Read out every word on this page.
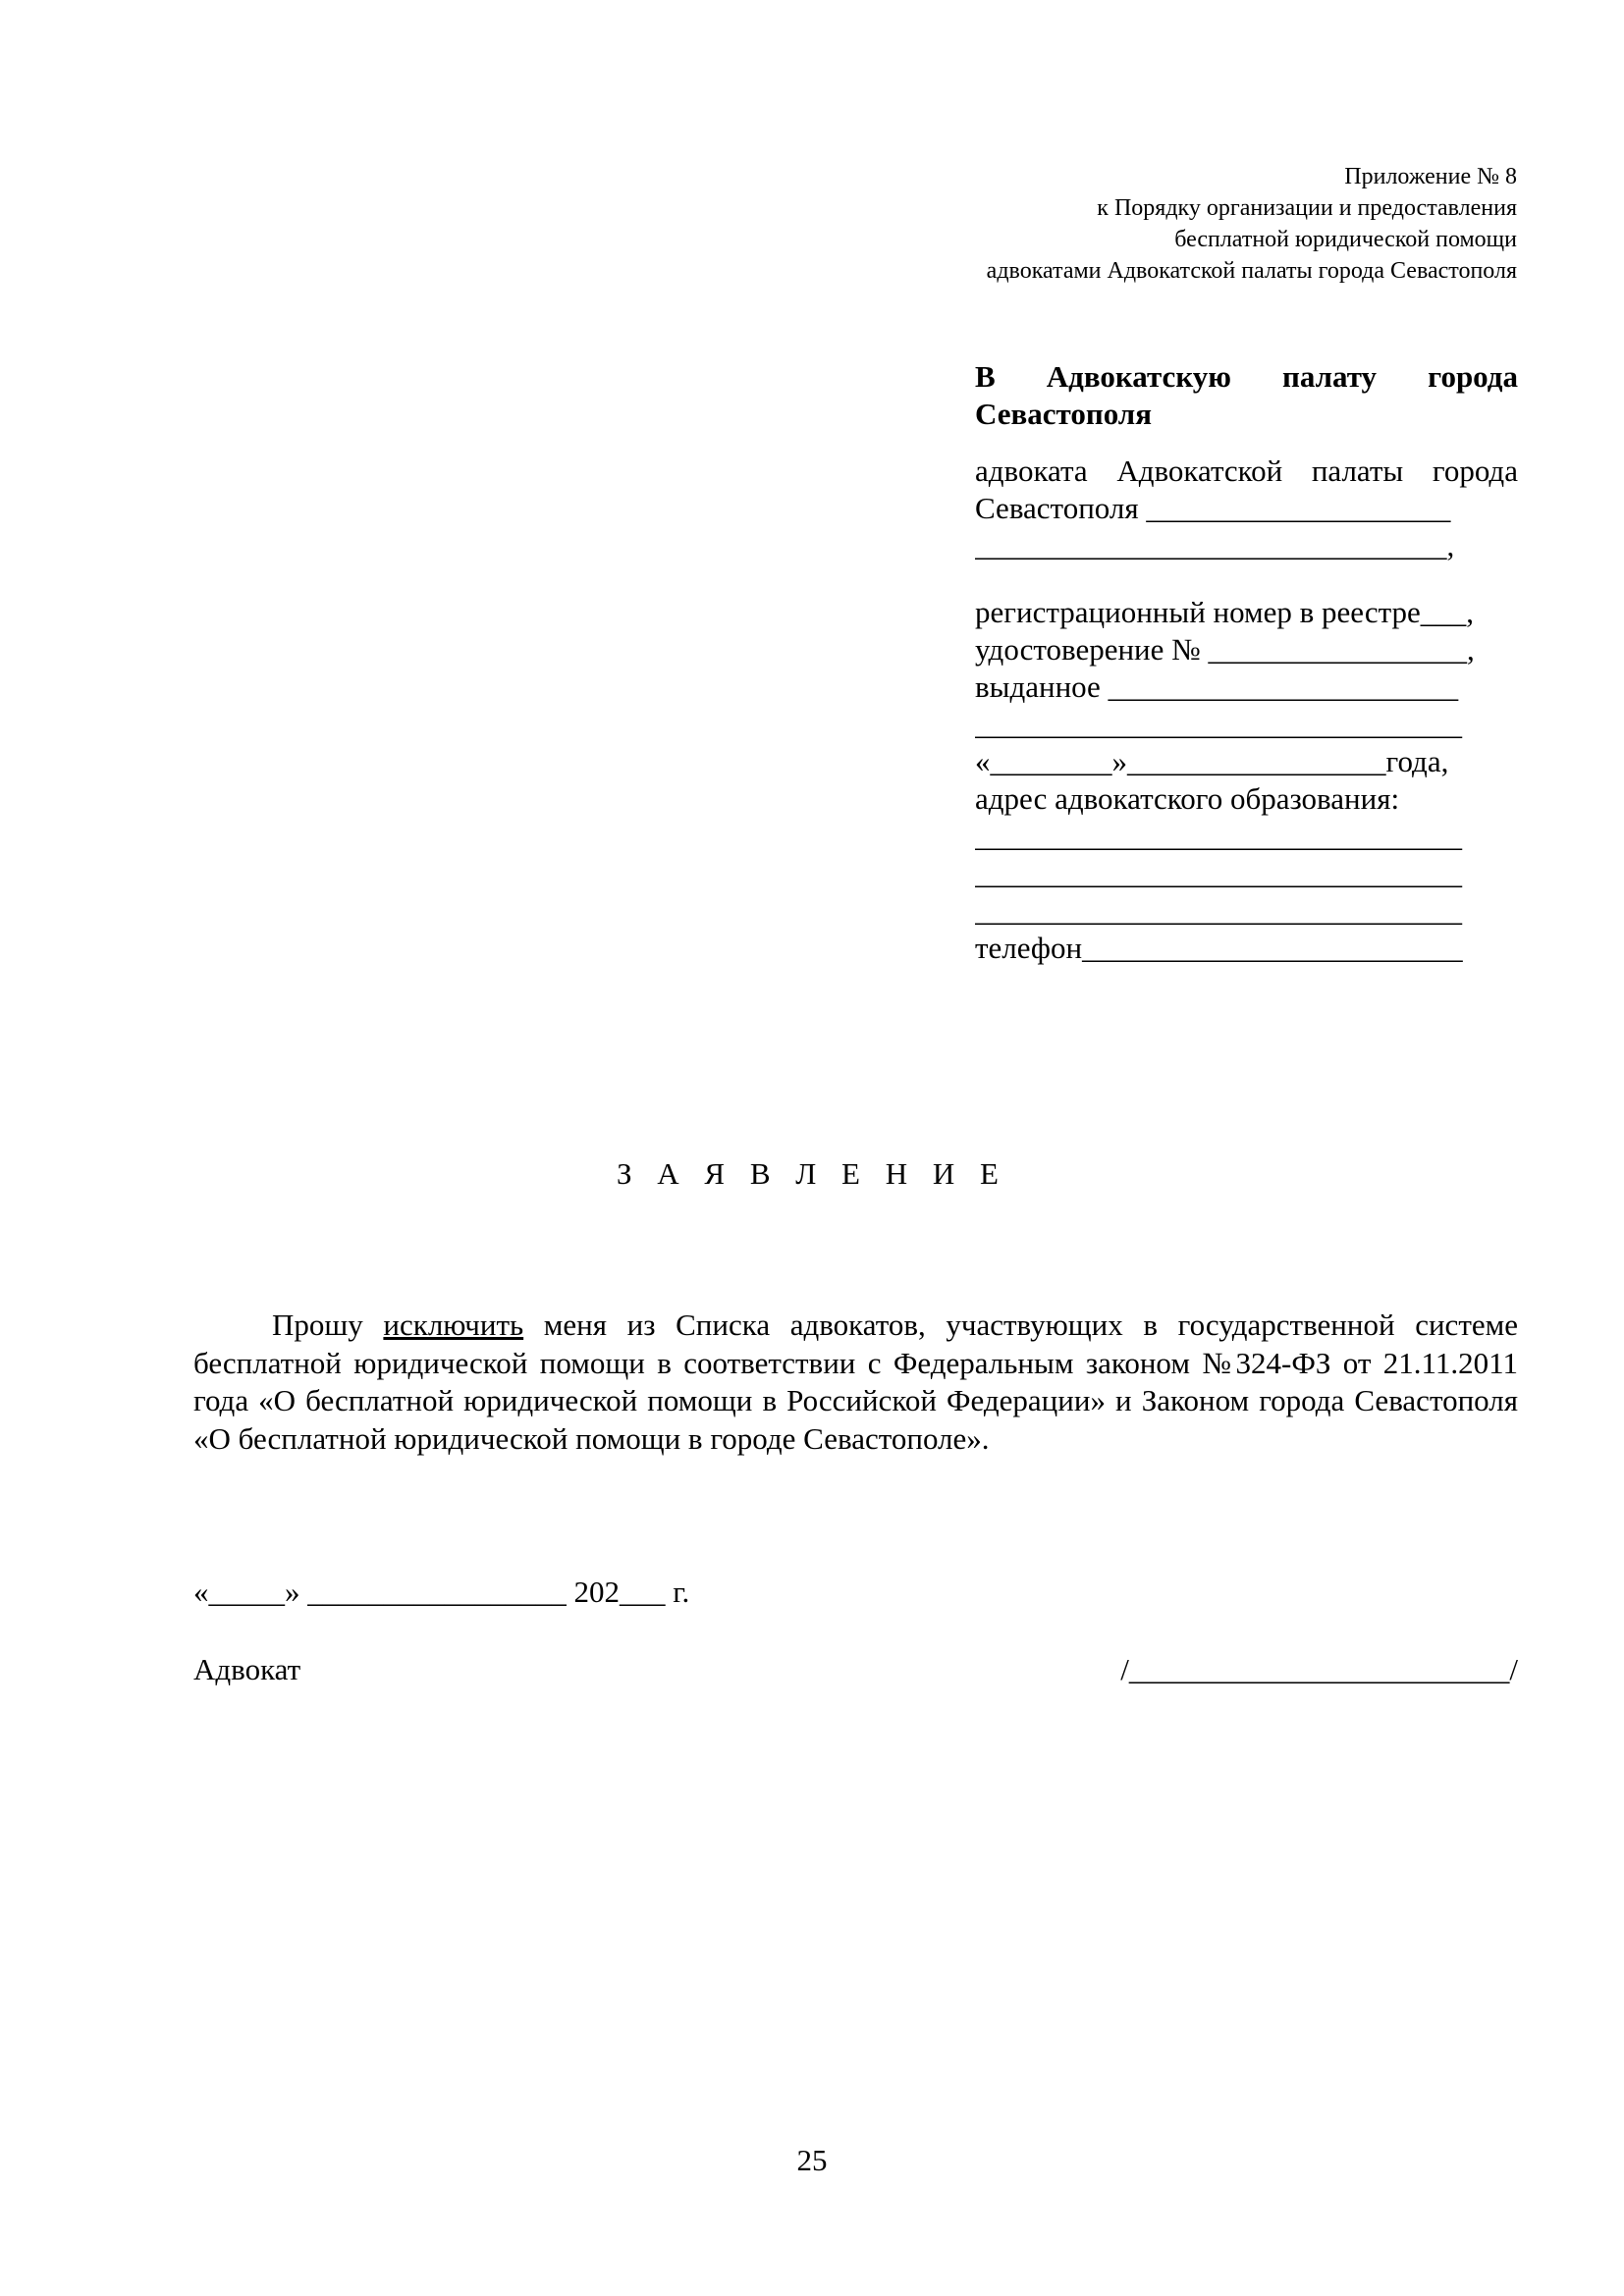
Приложение № 8
к Порядку организации и предоставления
бесплатной юридической помощи
адвокатами Адвокатской палаты города Севастополя
В Адвокатскую палату города
Севастополя
адвоката Адвокатской палаты города
Севастополя ____________________
_______________________________,
регистрационный номер в реестре___,
удостоверение № _________________,
выданное _______________________
________________________________
«________»_________________года,
адрес адвокатского образования:
________________________________
________________________________
________________________________
телефон_________________________
З А Я В Л Е Н И Е
Прошу исключить меня из Списка адвокатов, участвующих в государственной системе бесплатной юридической помощи в соответствии с Федеральным законом №324-ФЗ от 21.11.2011 года «О бесплатной юридической помощи в Российской Федерации» и Законом города Севастополя «О бесплатной юридической помощи в городе Севастополе».
«_____» _________________ 202___ г.
Адвокат	/_________________________/
25
